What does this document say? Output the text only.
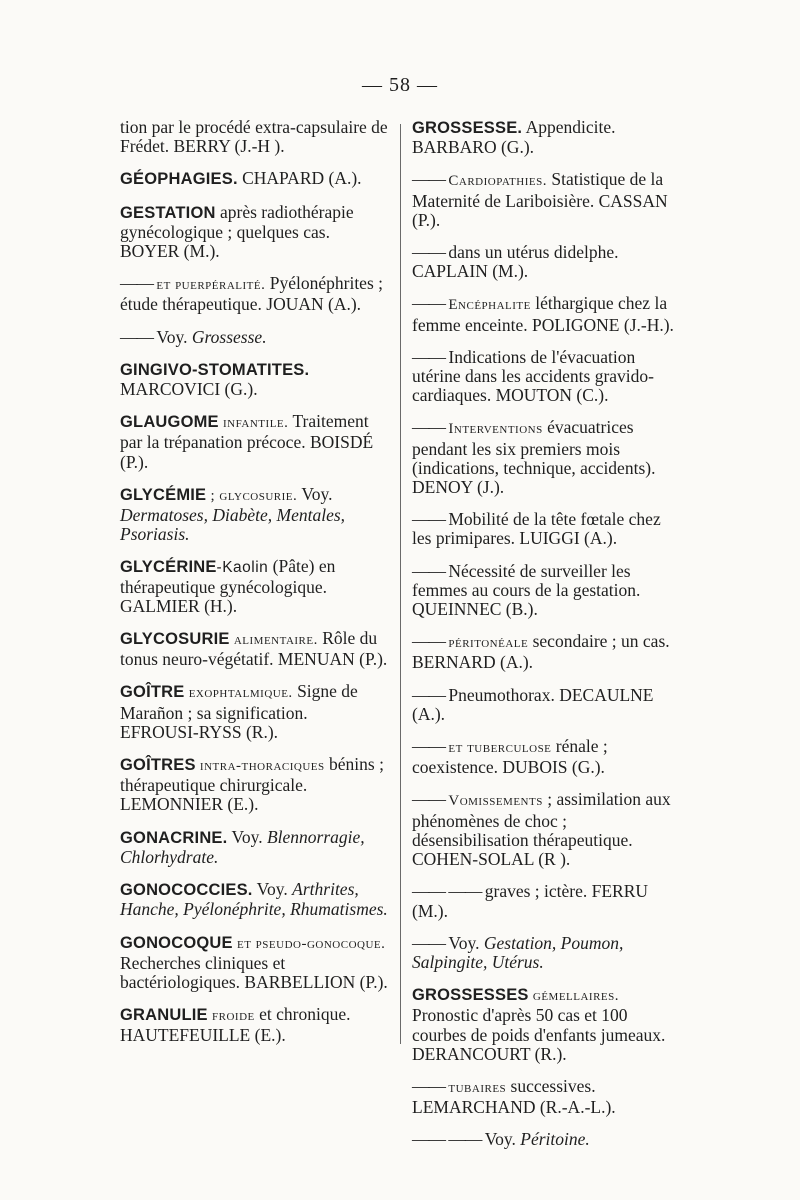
— 58 —
tion par le procédé extra-capsulaire de Frédet. BERRY (J.-H ).
GÉOPHAGIES. CHAPARD (A.).
GESTATION après radiothérapie gynécologique ; quelques cas. BOYER (M.).
—— et puerpéralité. Pyélonéphrites ; étude thérapeutique. JOUAN (A.).
—— Voy. Grossesse.
GINGIVO-STOMATITES. MARCOVICI (G.).
GLAUGOME infantile. Traitement par la trépanation précoce. BOISDÉ (P.).
GLYCÉMIE ; glycosurie. Voy. Dermatoses, Diabète, Mentales, Psoriasis.
GLYCÉRINE-Kaolin (Pâte) en thérapeutique gynécologique. GALMIER (H.).
GLYCOSURIE alimentaire. Rôle du tonus neuro-végétatif. MENUAN (P.).
GOÎTRE exophtalmique. Signe de Marañon ; sa signification. EFROUSI-RYSS (R.).
GOÎTRES intra-thoraciques bénins ; thérapeutique chirurgicale. LEMONNIER (E.).
GONACRINE. Voy. Blennorragie, Chlorhydrate.
GONOCOCCIES. Voy. Arthrites, Hanche, Pyélonéphrite, Rhumatismes.
GONOCOQUE et pseudo-gonocoque. Recherches cliniques et bactériologiques. BARBELLION (P.).
GRANULIE froide et chronique. HAUTEFEUILLE (E.).
GROSSESSE. Appendicite. BARBARO (G.).
—— Cardiopathies. Statistique de la Maternité de Lariboisière. CASSAN (P.).
—— dans un utérus didelphe. CAPLAIN (M.).
—— Encéphalite léthargique chez la femme enceinte. POLIGONE (J.-H.).
—— Indications de l'évacuation utérine dans les accidents gravido-cardiaques. MOUTON (C.).
—— Interventions évacuatrices pendant les six premiers mois (indications, technique, accidents). DENOY (J.).
—— Mobilité de la tête fœtale chez les primipares. LUIGGI (A.).
—— Nécessité de surveiller les femmes au cours de la gestation. QUEINNEC (B.).
—— péritonéale secondaire ; un cas. BERNARD (A.).
—— Pneumothorax. DECAULNE (A.).
—— et tuberculose rénale ; coexistence. DUBOIS (G.).
—— Vomissements ; assimilation aux phénomènes de choc ; désensibilisation thérapeutique. COHEN-SOLAL (R ).
—— —— graves ; ictère. FERRU (M.).
—— Voy. Gestation, Poumon, Salpingite, Utérus.
GROSSESSES gémellaires. Pronostic d'après 50 cas et 100 courbes de poids d'enfants jumeaux. DERANCOURT (R.).
—— tubaires successives. LEMARCHAND (R.-A.-L.).
—— —— Voy. Péritoine.
